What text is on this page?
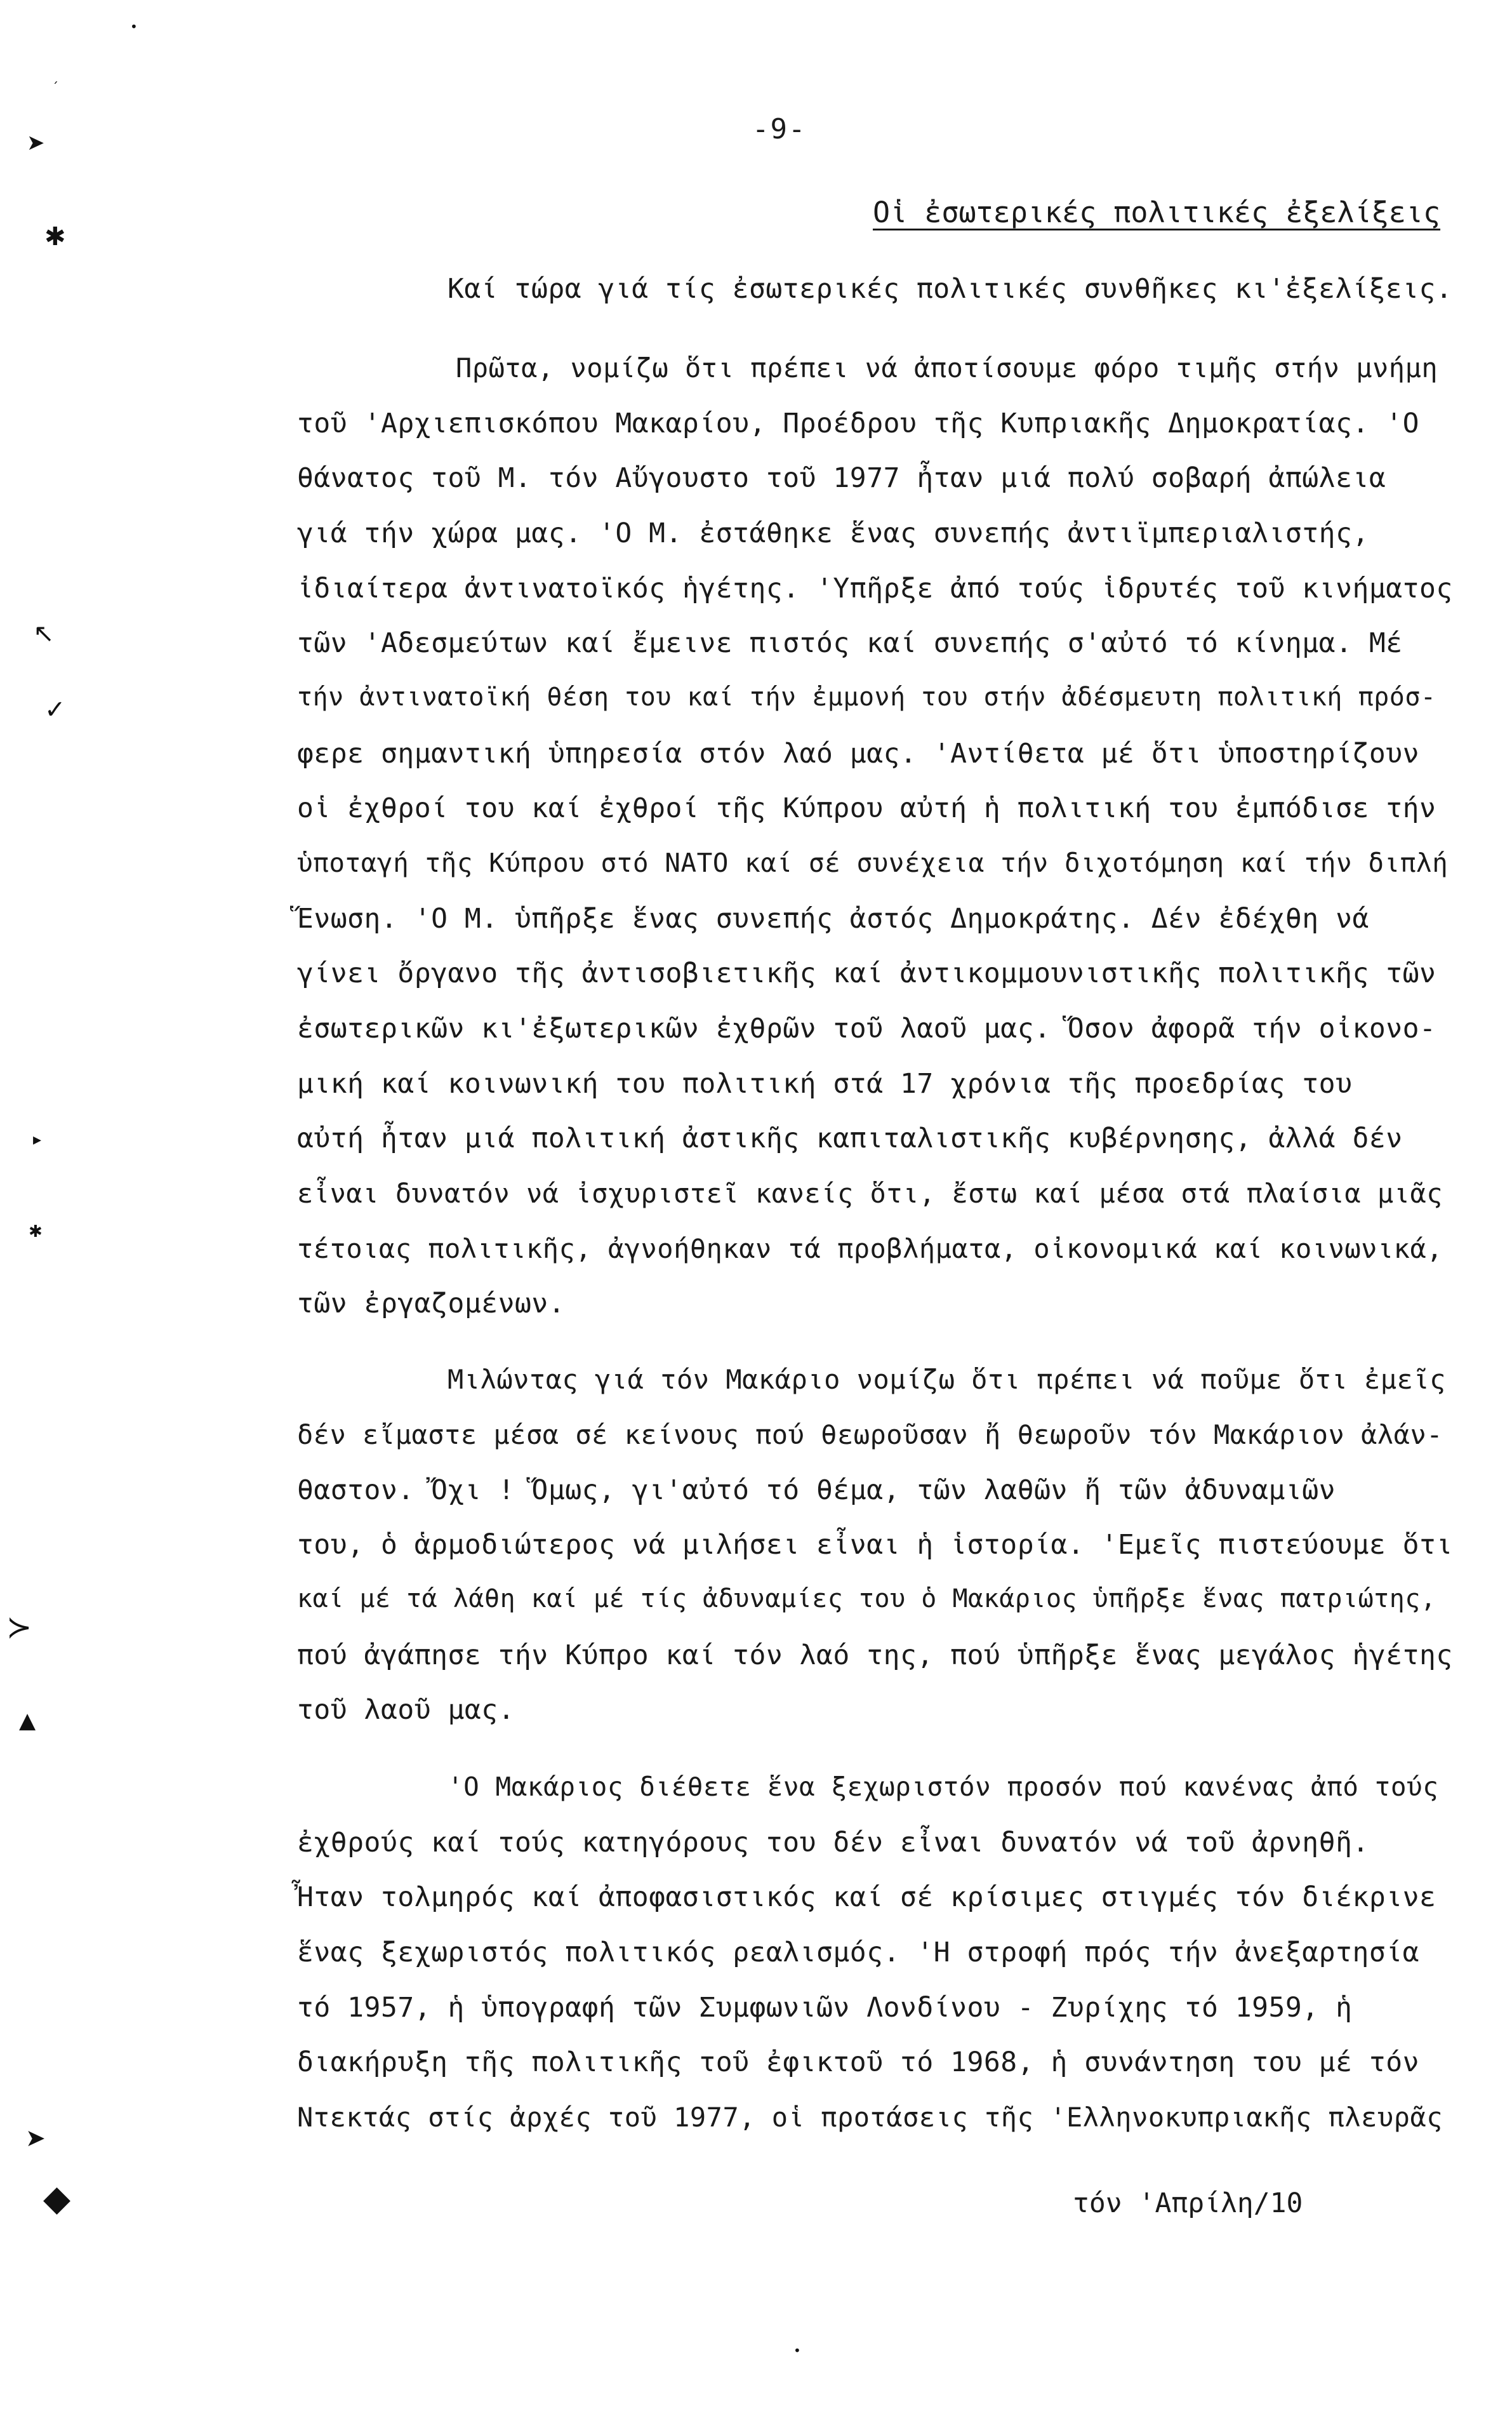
•
ˏ
➤
✱
↖
✓
▸
✱
≻
▲
➤
◆
•
-9-
Οἱ ἐσωτερικές πολιτικές ἐξελίξεις
Καί τώρα γιά τίς ἐσωτερικές πολιτικές συνθῆκες κι'ἐξελίξεις.
Πρῶτα, νομίζω ὅτι πρέπει νά ἀποτίσουμε φόρο τιμῆς στήν μνήμη
τοῦ 'Αρχιεπισκόπου Μακαρίου, Προέδρου τῆς Κυπριακῆς Δημοκρατίας. 'Ο
θάνατος τοῦ Μ. τόν Αὔγουστο τοῦ 1977 ἦταν μιά πολύ σοβαρή ἀπώλεια
γιά τήν χώρα μας. 'Ο Μ. ἐστάθηκε ἕνας συνεπής ἀντιϊμπεριαλιστής,
ἰδιαίτερα ἀντινατοϊκός ἡγέτης. 'Υπῆρξε ἀπό τούς ἱδρυτές τοῦ κινήματος
τῶν 'Αδεσμεύτων καί ἔμεινε πιστός καί συνεπής σ'αὐτό τό κίνημα. Μέ
τήν ἀντινατοϊκή θέση του καί τήν ἐμμονή του στήν ἀδέσμευτη πολιτική πρόσ-
φερε σημαντική ὑπηρεσία στόν λαό μας. 'Αντίθετα μέ ὅτι ὑποστηρίζουν
οἱ ἐχθροί του καί ἐχθροί τῆς Κύπρου αὐτή ἡ πολιτική του ἐμπόδισε τήν
ὑποταγή τῆς Κύπρου στό ΝΑΤΟ καί σέ συνέχεια τήν διχοτόμηση καί τήν διπλή
Ἕνωση. 'Ο Μ. ὑπῆρξε ἕνας συνεπής ἀστός Δημοκράτης. Δέν ἐδέχθη νά
γίνει ὄργανο τῆς ἀντισοβιετικῆς καί ἀντικομμουνιστικῆς πολιτικῆς τῶν
ἐσωτερικῶν κι'ἐξωτερικῶν ἐχθρῶν τοῦ λαοῦ μας. Ὅσον ἀφορᾶ τήν οἰκονο-
μική καί κοινωνική του πολιτική στά 17 χρόνια τῆς προεδρίας του
αὐτή ἦταν μιά πολιτική ἀστικῆς καπιταλιστικῆς κυβέρνησης, ἀλλά δέν
εἶναι δυνατόν νά ἰσχυριστεῖ κανείς ὅτι, ἔστω καί μέσα στά πλαίσια μιᾶς
τέτοιας πολιτικῆς, ἀγνοήθηκαν τά προβλήματα, οἰκονομικά καί κοινωνικά,
τῶν ἐργαζομένων.
Μιλώντας γιά τόν Μακάριο νομίζω ὅτι πρέπει νά ποῦμε ὅτι ἐμεῖς
δέν εἴμαστε μέσα σέ κείνους πού θεωροῦσαν ἤ θεωροῦν τόν Μακάριον ἀλάν-
θαστον. Ὄχι ! Ὅμως, γι'αὐτό τό θέμα, τῶν λαθῶν ἤ τῶν ἀδυναμιῶν
του, ὁ ἁρμοδιώτερος νά μιλήσει εἶναι ἡ ἱστορία. 'Εμεῖς πιστεύουμε ὅτι
καί μέ τά λάθη καί μέ τίς ἀδυναμίες του ὁ Μακάριος ὑπῆρξε ἕνας πατριώτης,
πού ἀγάπησε τήν Κύπρο καί τόν λαό της, πού ὑπῆρξε ἕνας μεγάλος ἡγέτης
τοῦ λαοῦ μας.
'Ο Μακάριος διέθετε ἕνα ξεχωριστόν προσόν πού κανένας ἀπό τούς
ἐχθρούς καί τούς κατηγόρους του δέν εἶναι δυνατόν νά τοῦ ἀρνηθῆ.
Ἦταν τολμηρός καί ἀποφασιστικός καί σέ κρίσιμες στιγμές τόν διέκρινε
ἕνας ξεχωριστός πολιτικός ρεαλισμός. 'Η στροφή πρός τήν ἀνεξαρτησία
τό 1957, ἡ ὑπογραφή τῶν Συμφωνιῶν Λονδίνου - Ζυρίχης τό 1959, ἡ
διακήρυξη τῆς πολιτικῆς τοῦ ἐφικτοῦ τό 1968, ἡ συνάντηση του μέ τόν
Ντεκτάς στίς ἀρχές τοῦ 1977, οἱ προτάσεις τῆς 'Ελληνοκυπριακῆς πλευρᾶς
τόν 'Απρίλη/10
